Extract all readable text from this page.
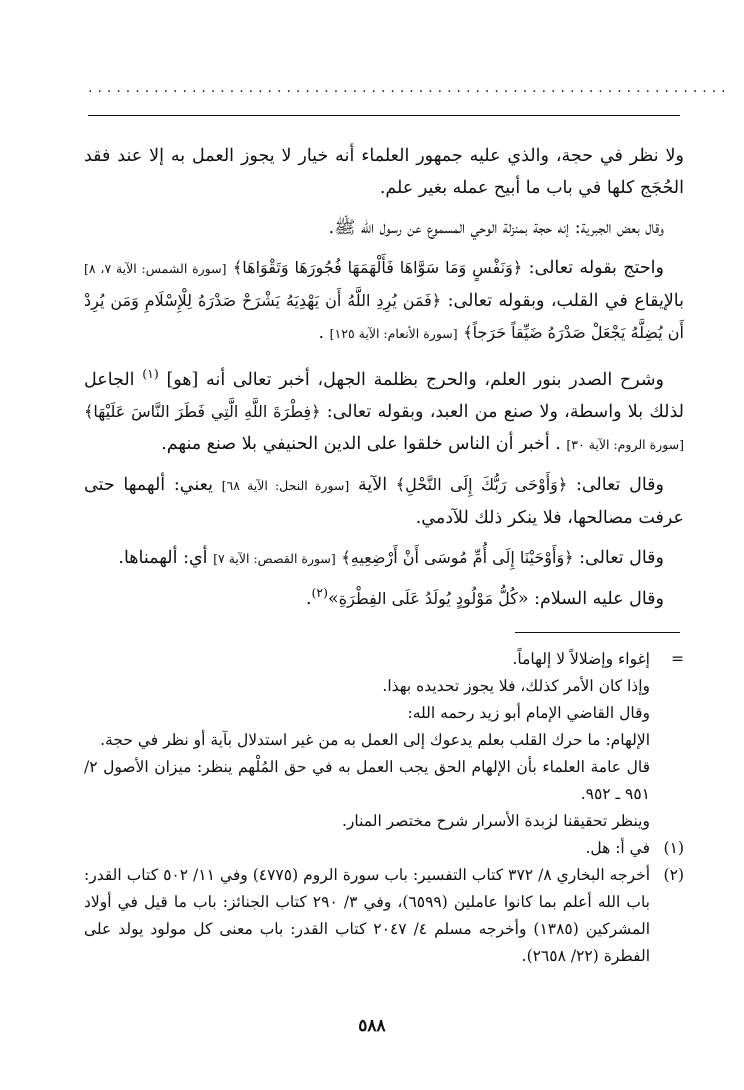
....................................................................

ولا نظر في حجة، والذي عليه جمهور العلماء أنه خيار لا يجوز العمل به إلا عند فقد الحُجَج كلها في باب ما أبيح عمله بغير علم.

وقال بعض الجبرية: إنه حجة بمنزلة الوحي المسموع عن رسول الله ﷺ.

واحتج بقوله تعالى: ﴿وَنَفْسٍ وَمَا سَوَّاهَا فَأَلْهَمَهَا فُجُورَهَا وَتَقْوَاهَا﴾ [سورة الشمس: الآية ٧، ٨] بالإيقاع في القلب، وبقوله تعالى: ﴿فَمَن يُرِدِ اللَّهُ أَن يَهْدِيَهُ يَشْرَحْ صَدْرَهُ لِلْإِسْلَامِ وَمَن يُرِدْ أَن يُضِلَّهُ يَجْعَلْ صَدْرَهُ ضَيِّقاً حَرَجاً﴾ [سورة الأنعام: الآية ١٢٥] .

وشرح الصدر بنور العلم، والحرج بظلمة الجهل، أخبر تعالى أنه [هو] $^{(١)}$ الجاعل لذلك بلا واسطة، ولا صنع من العبد، وبقوله تعالى: ﴿فِطْرَةَ اللَّهِ الَّتِي فَطَرَ النَّاسَ عَلَيْهَا﴾ [سورة الروم: الآية ٣٠] . أخبر أن الناس خلقوا على الدين الحنيفي بلا صنع منهم.

وقال تعالى: ﴿وَأَوْحَى رَبُّكَ إِلَى النَّحْلِ﴾ الآية [سورة النحل: الآية ٦٨] يعني: ألهمها حتى عرفت مصالحها، فلا ينكر ذلك للآدمي.

وقال تعالى: ﴿وَأَوْحَيْنَا إِلَى أُمِّ مُوسَى أَنْ أَرْضِعِيهِ﴾ [سورة القصص: الآية ٧] أي: ألهمناها.

وقال عليه السلام: «كُلُّ مَوْلُودٍ يُولَدُ عَلَى الفِطْرَةِ»$^{(٢)}$.

=
إغواء وإضلالاً لا إلهاماً.
وإذا كان الأمر كذلك، فلا يجوز تحديده بهذا.
وقال القاضي الإمام أبو زيد رحمه الله:
الإلهام: ما حرك القلب بعلم يدعوك إلى العمل به من غير استدلال بآية أو نظر في حجة.
قال عامة العلماء بأن الإلهام الحق يجب العمل به في حق المُلْهم ينظر: ميزان الأصول ٢/ ٩٥١ ـ ٩٥٢.
وينظر تحقيقنا لزبدة الأسرار شرح مختصر المنار.
(١)
في أ: هل.
(٢)
أخرجه البخاري ٨/ ٣٧٢ كتاب التفسير: باب سورة الروم (٤٧٧٥) وفي ١١/ ٥٠٢ كتاب القدر: باب الله أعلم بما كانوا عاملين (٦٥٩٩)، وفي ٣/ ٢٩٠ كتاب الجنائز: باب ما قيل في أولاد المشركين (١٣٨٥) وأخرجه مسلم ٤/ ٢٠٤٧ كتاب القدر: باب معنى كل مولود يولد على الفطرة (٢٢/ ٢٦٥٨).
٥٨٨
